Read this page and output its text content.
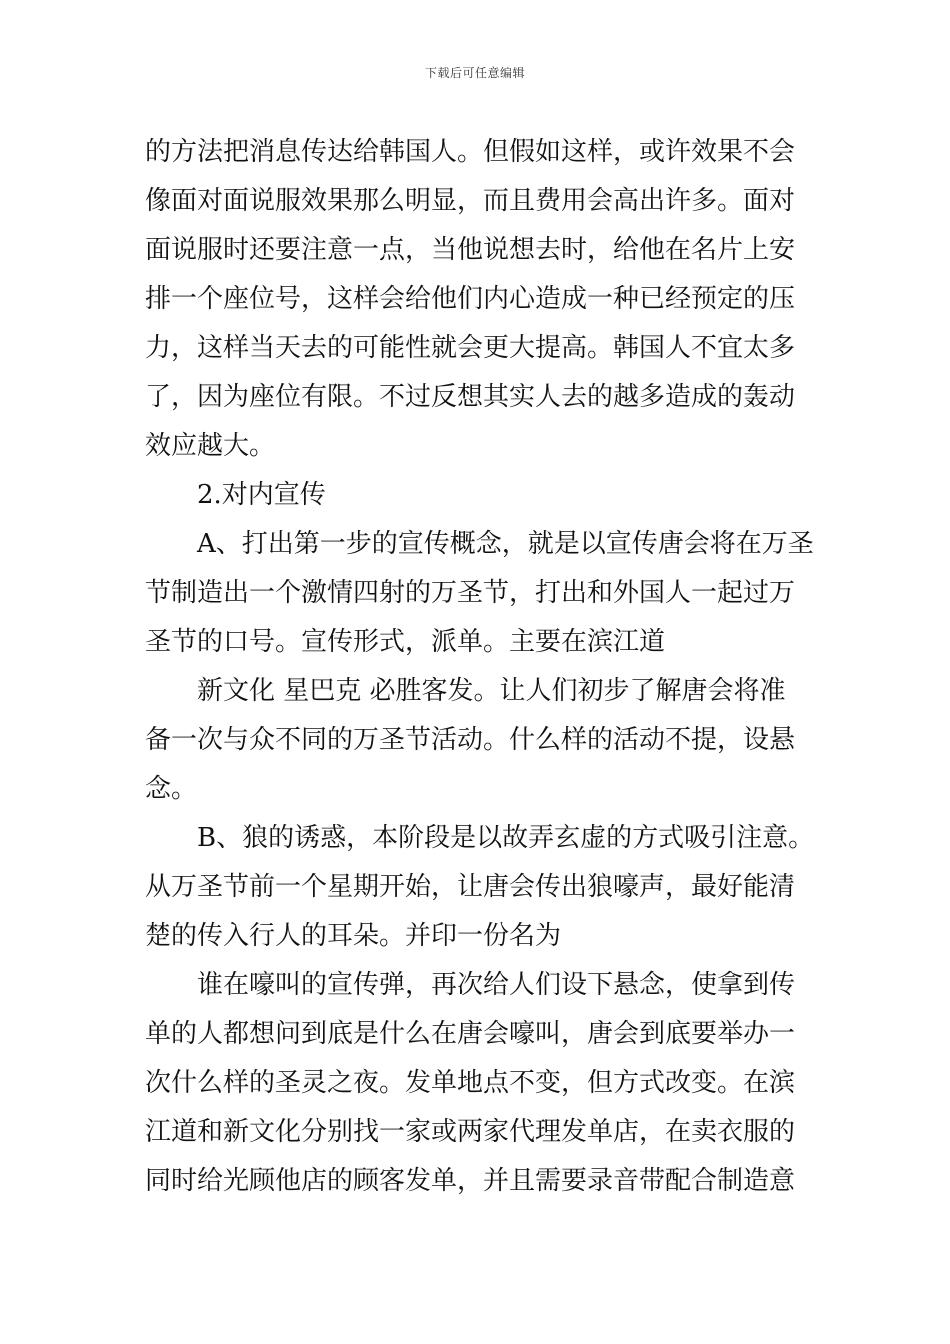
下载后可任意编辑
的方法把消息传达给韩国人。但假如这样，或许效果不会
像面对面说服效果那么明显，而且费用会高出许多。面对
面说服时还要注意一点，当他说想去时，给他在名片上安
排一个座位号，这样会给他们内心造成一种已经预定的压
力，这样当天去的可能性就会更大提高。韩国人不宜太多
了，因为座位有限。不过反想其实人去的越多造成的轰动
效应越大。
2.对内宣传
A、打出第一步的宣传概念，就是以宣传唐会将在万圣
节制造出一个激情四射的万圣节，打出和外国人一起过万
圣节的口号。宣传形式，派单。主要在滨江道
新文化 星巴克 必胜客发。让人们初步了解唐会将准
备一次与众不同的万圣节活动。什么样的活动不提，设悬
念。
B、狼的诱惑，本阶段是以故弄玄虚的方式吸引注意。
从万圣节前一个星期开始，让唐会传出狼嚎声，最好能清
楚的传入行人的耳朵。并印一份名为
谁在嚎叫的宣传弹，再次给人们设下悬念，使拿到传
单的人都想问到底是什么在唐会嚎叫，唐会到底要举办一
次什么样的圣灵之夜。发单地点不变，但方式改变。在滨
江道和新文化分别找一家或两家代理发单店，在卖衣服的
同时给光顾他店的顾客发单，并且需要录音带配合制造意
